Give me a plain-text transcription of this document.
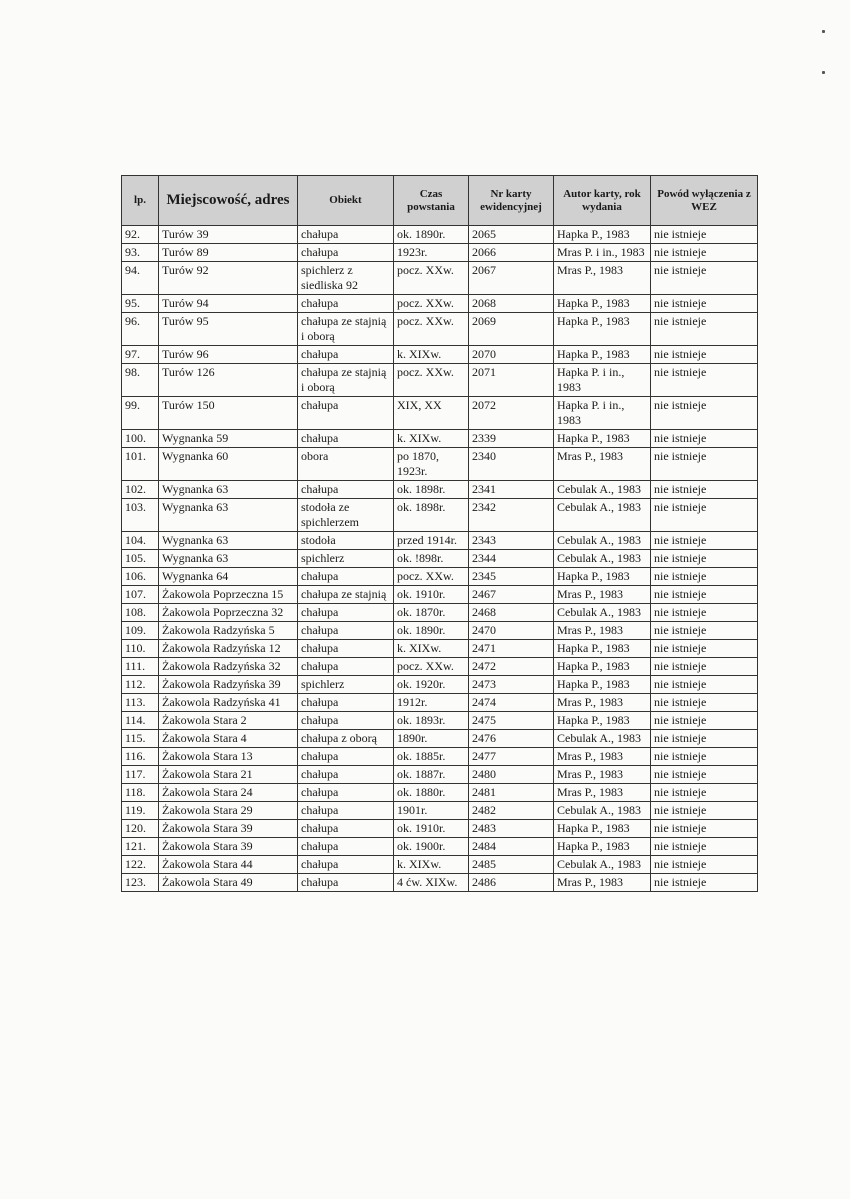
lp.	Miejscowość, adres	Obiekt	Czas powstania	Nr karty ewidencyjnej	Autor karty, rok wydania	Powód wyłączenia z WEZ
92.	Turów 39	chałupa	ok. 1890r.	2065	Hapka P., 1983	nie istnieje
93.	Turów 89	chałupa	1923r.	2066	Mras P. i in., 1983	nie istnieje
94.	Turów 92	spichlerz z siedliska 92	pocz. XXw.	2067	Mras P., 1983	nie istnieje
95.	Turów 94	chałupa	pocz. XXw.	2068	Hapka P., 1983	nie istnieje
96.	Turów 95	chałupa ze stajnią i oborą	pocz. XXw.	2069	Hapka P., 1983	nie istnieje
97.	Turów 96	chałupa	k. XIXw.	2070	Hapka P., 1983	nie istnieje
98.	Turów 126	chałupa ze stajnią i oborą	pocz. XXw.	2071	Hapka P. i in., 1983	nie istnieje
99.	Turów 150	chałupa	XIX, XX	2072	Hapka P. i in., 1983	nie istnieje
100.	Wygnanka 59	chałupa	k. XIXw.	2339	Hapka P., 1983	nie istnieje
101.	Wygnanka 60	obora	po 1870, 1923r.	2340	Mras P., 1983	nie istnieje
102.	Wygnanka 63	chałupa	ok. 1898r.	2341	Cebulak A., 1983	nie istnieje
103.	Wygnanka 63	stodoła ze spichlerzem	ok. 1898r.	2342	Cebulak A., 1983	nie istnieje
104.	Wygnanka 63	stodoła	przed 1914r.	2343	Cebulak A., 1983	nie istnieje
105.	Wygnanka 63	spichlerz	ok. !898r.	2344	Cebulak A., 1983	nie istnieje
106.	Wygnanka 64	chałupa	pocz. XXw.	2345	Hapka P., 1983	nie istnieje
107.	Żakowola Poprzeczna 15	chałupa ze stajnią	ok. 1910r.	2467	Mras P., 1983	nie istnieje
108.	Żakowola Poprzeczna 32	chałupa	ok. 1870r.	2468	Cebulak A., 1983	nie istnieje
109.	Żakowola Radzyńska 5	chałupa	ok. 1890r.	2470	Mras P., 1983	nie istnieje
110.	Żakowola Radzyńska 12	chałupa	k. XIXw.	2471	Hapka P., 1983	nie istnieje
111.	Żakowola Radzyńska 32	chałupa	pocz. XXw.	2472	Hapka P., 1983	nie istnieje
112.	Żakowola Radzyńska 39	spichlerz	ok. 1920r.	2473	Hapka P., 1983	nie istnieje
113.	Żakowola Radzyńska 41	chałupa	1912r.	2474	Mras P., 1983	nie istnieje
114.	Żakowola Stara 2	chałupa	ok. 1893r.	2475	Hapka P., 1983	nie istnieje
115.	Żakowola Stara 4	chałupa z oborą	1890r.	2476	Cebulak A., 1983	nie istnieje
116.	Żakowola Stara 13	chałupa	ok. 1885r.	2477	Mras P., 1983	nie istnieje
117.	Żakowola Stara 21	chałupa	ok. 1887r.	2480	Mras P., 1983	nie istnieje
118.	Żakowola Stara 24	chałupa	ok. 1880r.	2481	Mras P., 1983	nie istnieje
119.	Żakowola Stara 29	chałupa	1901r.	2482	Cebulak A., 1983	nie istnieje
120.	Żakowola Stara 39	chałupa	ok. 1910r.	2483	Hapka P., 1983	nie istnieje
121.	Żakowola Stara 39	chałupa	ok. 1900r.	2484	Hapka P., 1983	nie istnieje
122.	Żakowola Stara 44	chałupa	k. XIXw.	2485	Cebulak A., 1983	nie istnieje
123.	Żakowola Stara 49	chałupa	4 ćw. XIXw.	2486	Mras P., 1983	nie istnieje
